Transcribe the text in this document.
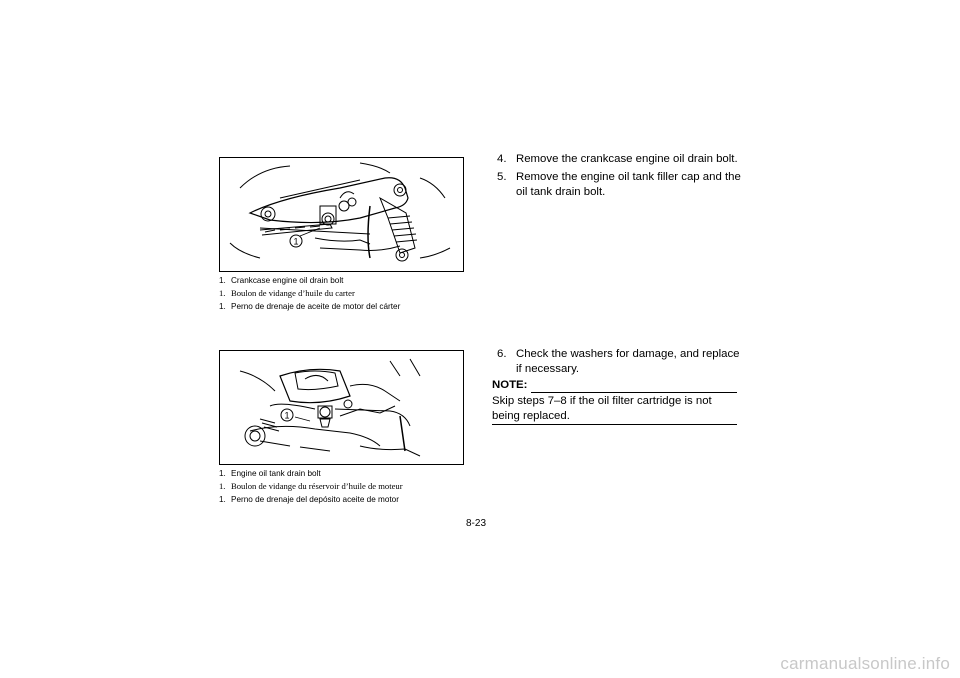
1
1. Crankcase engine oil drain bolt
1. Boulon de vidange d’huile du carter
1. Perno de drenaje de aceite de motor del cárter
1
1. Engine oil tank drain bolt
1. Boulon de vidange du réservoir d’huile de moteur
1. Perno de drenaje del depósito aceite de motor
4. Remove the crankcase engine oil drain bolt.
5. Remove the engine oil tank filler cap and the oil tank drain bolt.
6. Check the washers for damage, and replace if necessary.
NOTE:
Skip steps 7–8 if the oil filter cartridge is not being replaced.
8-23
carmanualsonline.info
